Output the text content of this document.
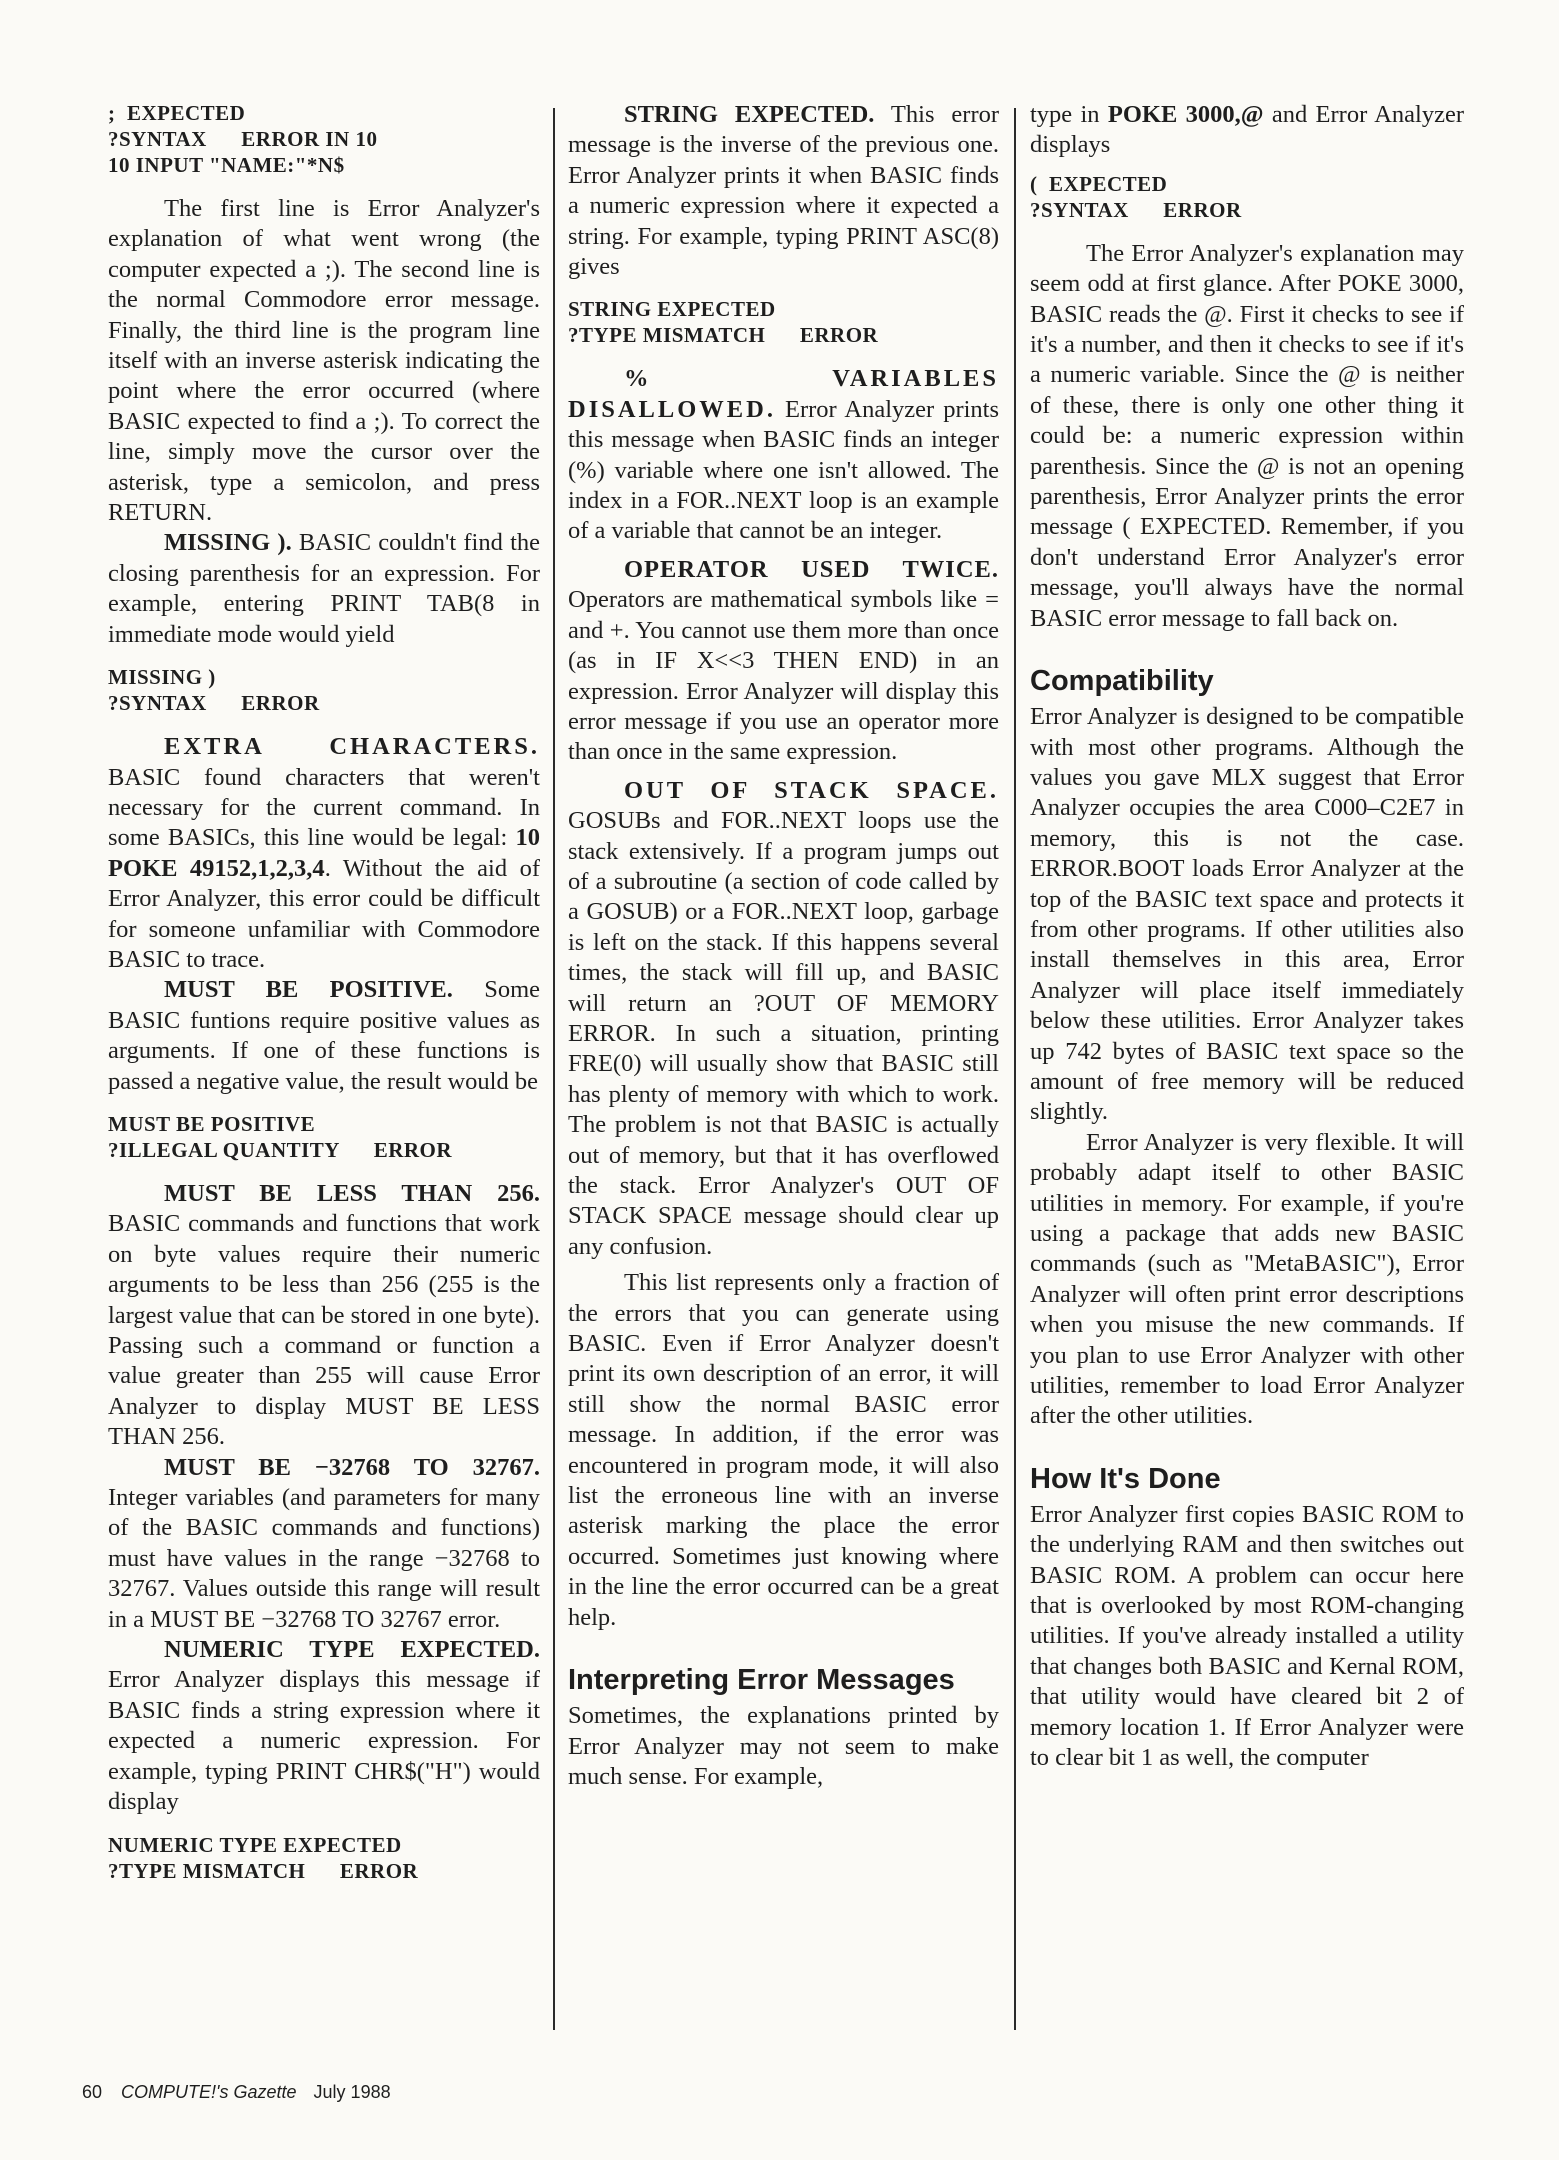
;  EXPECTED
?SYNTAX      ERROR IN 10
10 INPUT "NAME:"*N$

The first line is Error Analyzer's explanation of what went wrong (the computer expected a ;). The second line is the normal Commodore error message. Finally, the third line is the program line itself with an inverse asterisk indicating the point where the error occurred (where BASIC expected to find a ;). To correct the line, simply move the cursor over the asterisk, type a semicolon, and press RETURN.

MISSING ). BASIC couldn't find the closing parenthesis for an expression. For example, entering PRINT TAB(8 in immediate mode would yield

MISSING )
?SYNTAX      ERROR

EXTRA CHARACTERS. BASIC found characters that weren't necessary for the current command. In some BASICs, this line would be legal: 10 POKE 49152,1,2,3,4. Without the aid of Error Analyzer, this error could be difficult for someone unfamiliar with Commodore BASIC to trace.

MUST BE POSITIVE. Some BASIC funtions require positive values as arguments. If one of these functions is passed a negative value, the result would be

MUST BE POSITIVE
?ILLEGAL QUANTITY      ERROR

MUST BE LESS THAN 256. BASIC commands and functions that work on byte values require their numeric arguments to be less than 256 (255 is the largest value that can be stored in one byte). Passing such a command or function a value greater than 255 will cause Error Analyzer to display MUST BE LESS THAN 256.

MUST BE −32768 TO 32767. Integer variables (and parameters for many of the BASIC commands and functions) must have values in the range −32768 to 32767. Values outside this range will result in a MUST BE −32768 TO 32767 error.

NUMERIC TYPE EXPECTED. Error Analyzer displays this message if BASIC finds a string expression where it expected a numeric expression. For example, typing PRINT CHR$("H") would display

NUMERIC TYPE EXPECTED
?TYPE MISMATCH      ERROR

STRING EXPECTED. This error message is the inverse of the previous one. Error Analyzer prints it when BASIC finds a numeric expression where it expected a string. For example, typing PRINT ASC(8) gives

STRING EXPECTED
?TYPE MISMATCH      ERROR

% VARIABLES DISALLOWED. Error Analyzer prints this message when BASIC finds an integer (%) variable where one isn't allowed. The index in a FOR..NEXT loop is an example of a variable that cannot be an integer.

OPERATOR USED TWICE. Operators are mathematical symbols like = and +. You cannot use them more than once (as in IF X<<3 THEN END) in an expression. Error Analyzer will display this error message if you use an operator more than once in the same expression.

OUT OF STACK SPACE. GOSUBs and FOR..NEXT loops use the stack extensively. If a program jumps out of a subroutine (a section of code called by a GOSUB) or a FOR..NEXT loop, garbage is left on the stack. If this happens several times, the stack will fill up, and BASIC will return an ?OUT OF MEMORY ERROR. In such a situation, printing FRE(0) will usually show that BASIC still has plenty of memory with which to work. The problem is not that BASIC is actually out of memory, but that it has overflowed the stack. Error Analyzer's OUT OF STACK SPACE message should clear up any confusion.

This list represents only a fraction of the errors that you can generate using BASIC. Even if Error Analyzer doesn't print its own description of an error, it will still show the normal BASIC error message. In addition, if the error was encountered in program mode, it will also list the erroneous line with an inverse asterisk marking the place the error occurred. Sometimes just knowing where in the line the error occurred can be a great help.

Interpreting Error Messages

Sometimes, the explanations printed by Error Analyzer may not seem to make much sense. For example,

type in POKE 3000,@ and Error Analyzer displays

(  EXPECTED
?SYNTAX      ERROR

The Error Analyzer's explanation may seem odd at first glance. After POKE 3000, BASIC reads the @. First it checks to see if it's a number, and then it checks to see if it's a numeric variable. Since the @ is neither of these, there is only one other thing it could be: a numeric expression within parenthesis. Since the @ is not an opening parenthesis, Error Analyzer prints the error message ( EXPECTED. Remember, if you don't understand Error Analyzer's error message, you'll always have the normal BASIC error message to fall back on.

Compatibility

Error Analyzer is designed to be compatible with most other programs. Although the values you gave MLX suggest that Error Analyzer occupies the area C000–C2E7 in memory, this is not the case. ERROR.BOOT loads Error Analyzer at the top of the BASIC text space and protects it from other programs. If other utilities also install themselves in this area, Error Analyzer will place itself immediately below these utilities. Error Analyzer takes up 742 bytes of BASIC text space so the amount of free memory will be reduced slightly.

Error Analyzer is very flexible. It will probably adapt itself to other BASIC utilities in memory. For example, if you're using a package that adds new BASIC commands (such as "MetaBASIC"), Error Analyzer will often print error descriptions when you misuse the new commands. If you plan to use Error Analyzer with other utilities, remember to load Error Analyzer after the other utilities.

How It's Done

Error Analyzer first copies BASIC ROM to the underlying RAM and then switches out BASIC ROM. A problem can occur here that is overlooked by most ROM-changing utilities. If you've already installed a utility that changes both BASIC and Kernal ROM, that utility would have cleared bit 2 of memory location 1. If Error Analyzer were to clear bit 1 as well, the computer

60 COMPUTE!'s Gazette July 1988
